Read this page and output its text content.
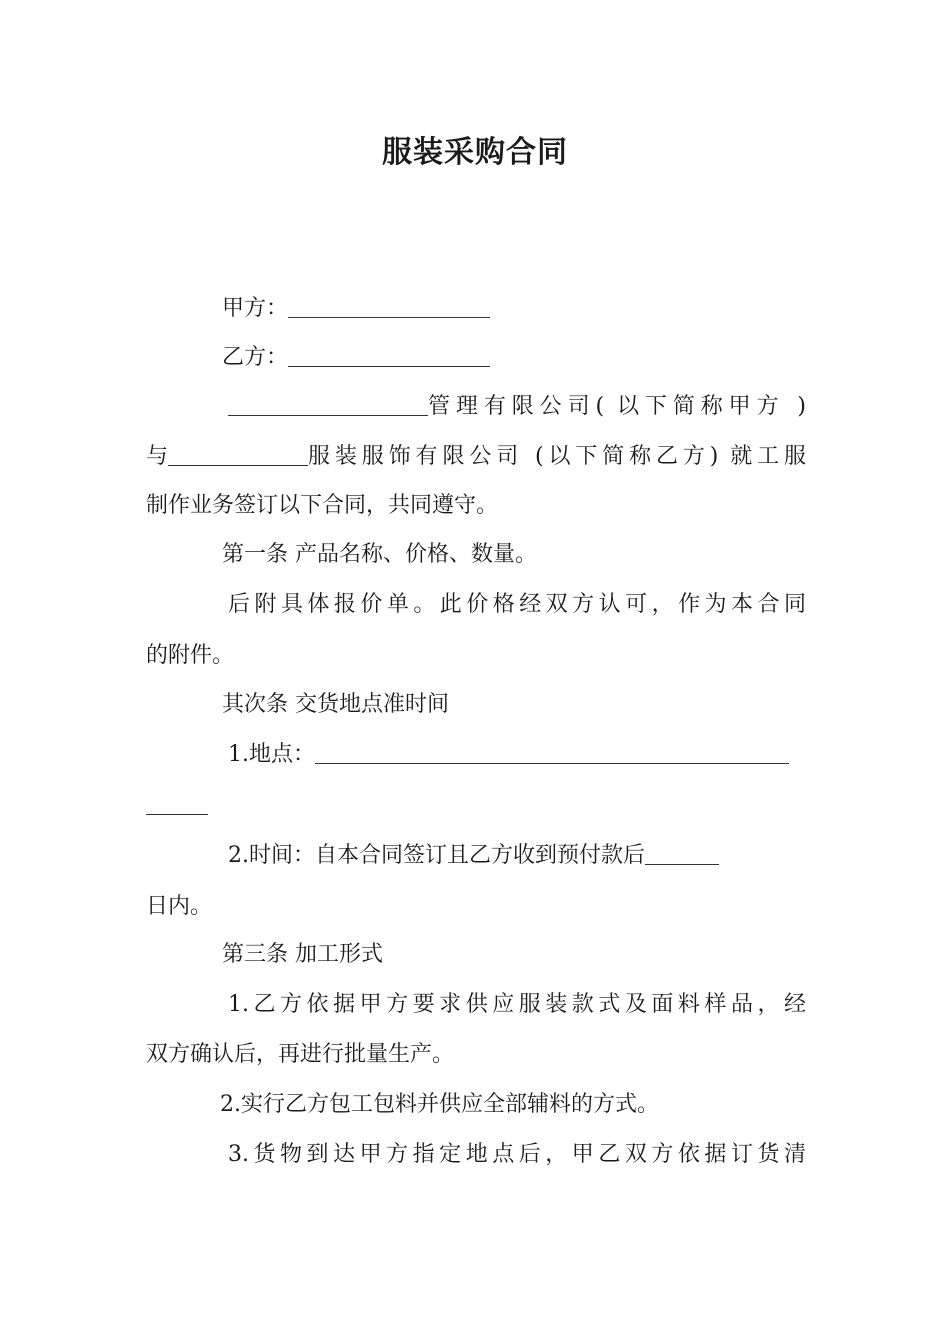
服装采购合同
甲方：
乙方：
管理有限公司( 以下简称甲方 )
与	服装服饰有限公司 (以下简称乙方) 就工服
制作业务签订以下合同，共同遵守。
第一条 产品名称、价格、数量。
后附具体报价单。此价格经双方认可，作为本合同
的附件。
其次条 交货地点准时间
1.地点：
2.时间：自本合同签订且乙方收到预付款后
日内。
第三条 加工形式
1.乙方依据甲方要求供应服装款式及面料样品，经
双方确认后，再进行批量生产。
2.实行乙方包工包料并供应全部辅料的方式。
3.货物到达甲方指定地点后，甲乙双方依据订货清
